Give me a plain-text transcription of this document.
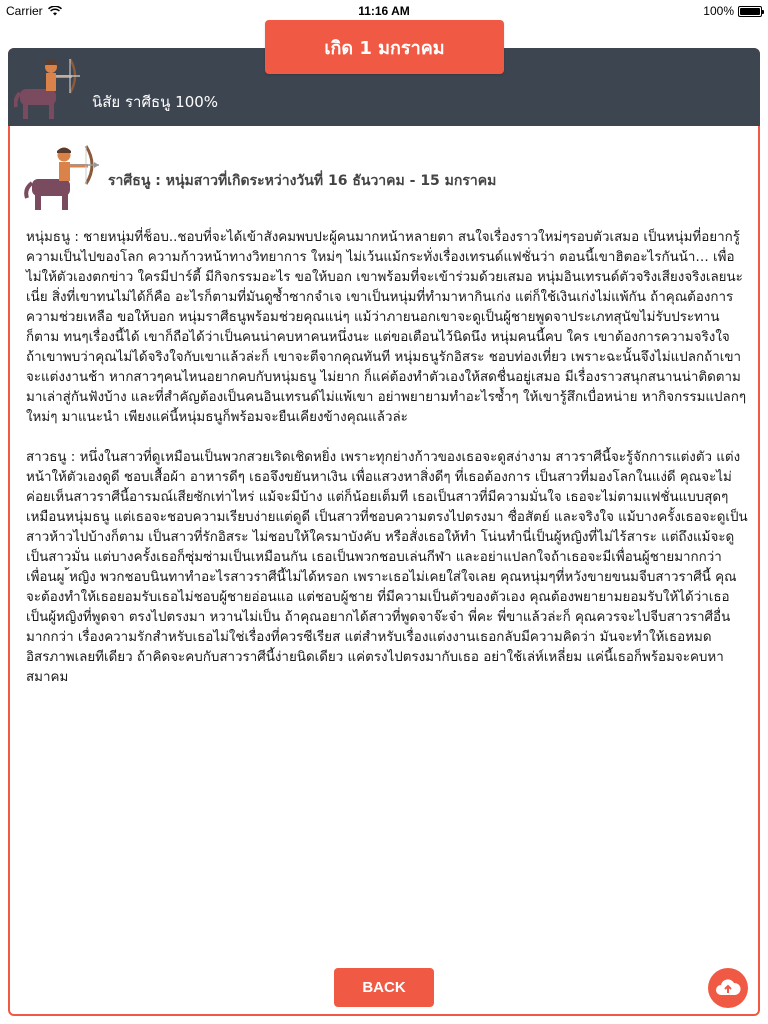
Carrier	11:16 AM	100%
นิสัย ราศีธนู 100%
เกิด 1 มกราคม
ราศีธนู : หนุ่มสาวที่เกิดระหว่างวันที่ 16 ธันวาคม - 15 มกราคม

หนุ่มธนู : ชายหนุ่มที่ช็อบ..ชอบที่จะได้เข้าสังคมพบปะผู้คนมากหน้าหลายตา สนใจเรื่องราวใหม่ๆรอบตัวเสมอ เป็นหนุ่มที่อยากรู้ความเป็นไปของโลก ความก้าวหน้าทางวิทยาการ ใหม่ๆ ไม่เว้นแม้กระทั่งเรื่องเทรนด์แฟชั่นว่า ตอนนี้เขาฮิตอะไรกันน้า… เพื่อไม่ให้ตัวเองตกข่าว ใครมีปาร์ตี้ มีกิจกรรมอะไร ขอให้บอก เขาพร้อมที่จะเข้าร่วมด้วยเสมอ หนุ่มอินเทรนด์ตัวจริงเสียงจริงเลยนะเนี่ย สิ่งที่เขาทนไม่ได้ก็คือ อะไรก็ตามที่มันดูซ้ำซากจำเจ เขาเป็นหนุ่มที่ทำมาหากินเก่ง แต่ก็ใช้เงินเก่งไม่แพ้กัน ถ้าคุณต้องการความช่วยเหลือ ขอให้บอก หนุ่มราศีธนูพร้อมช่วยคุณแน่ๆ แม้ว่าภายนอกเขาจะดูเป็นผู้ชายพูดจาประเภทสุนัขไม่รับประทานก็ตาม ทนๆเรื่องนี้ได้ เขาก็ถือได้ว่าเป็นคนน่าคบหาคนหนึ่งนะ แต่ขอเตือนไว้นิดนึง หนุ่มคนนี้คบ ใคร เขาต้องการความจริงใจ ถ้าเขาพบว่าคุณไม่ได้จริงใจกับเขาแล้วล่ะก็ เขาจะตีจากคุณทันที หนุ่มธนูรักอิสระ ชอบท่องเที่ยว เพราะฉะนั้นจึงไม่แปลกถ้าเขาจะแต่งงานช้า หากสาวๆคนไหนอยากคบกับหนุ่มธนู ไม่ยาก ก็แค่ต้องทำตัวเองให้สดชื่นอยู่เสมอ มีเรื่องราวสนุกสนานน่าติดตาม มาเล่าสู่กันฟังบ้าง และที่สำคัญต้องเป็นคนอินเทรนด์ไม่แพ้เขา อย่าพยายามทำอะไรซ้ำๆ ให้เขารู้สึกเบื่อหน่าย หากิจกรรมแปลกๆ ใหม่ๆ มาแนะนำ เพียงแค่นี้หนุ่มธนูก็พร้อมจะยืนเคียงข้างคุณแล้วล่ะ

สาวธนู : หนึ่งในสาวที่ดูเหมือนเป็นพวกสวยเริดเชิดหยิ่ง เพราะทุกย่างก้าวของเธอจะดูสง่างาม สาวราศีนี้จะรู้จักการแต่งตัว แต่งหน้าให้ตัวเองดูดี ชอบเสื้อผ้า อาหารดีๆ เธอจึงขยันหาเงิน เพื่อแสวงหาสิ่งดีๆ ที่เธอต้องการ เป็นสาวที่มองโลกในแง่ดี คุณจะไม่ค่อยเห็นสาวราศีนี้อารมณ์เสียซักเท่าไหร่ แม้จะมีบ้าง แต่ก็น้อยเต็มที เธอเป็นสาวที่มีความมั่นใจ เธอจะไม่ตามแฟชั่นแบบสุดๆ เหมือนหนุ่มธนู แต่เธอจะชอบความเรียบง่ายแต่ดูดี เป็นสาวที่ชอบความตรงไปตรงมา ซื่อสัตย์ และจริงใจ แม้บางครั้งเธอจะดูเป็นสาวห้าวไปบ้างก็ตาม เป็นสาวที่รักอิสระ ไม่ชอบให้ใครมาบังคับ หรือสั่งเธอให้ทำ โน่นทำนี่เป็นผู้หญิงที่ไม่ไร้สาระ แต่ถึงแม้จะดูเป็นสาวมั่น แต่บางครั้งเธอก็ซุ่มซ่ามเป็นเหมือนกัน เธอเป็นพวกชอบเล่นกีฬา และอย่าแปลกใจถ้าเธอจะมีเพื่อนผู้ชายมากกว่าเพื่อนผู ้หญิง พวกชอบนินทาทำอะไรสาวราศีนี้ไม่ได้หรอก เพราะเธอไม่เคยใส่ใจเลย คุณหนุ่มๆที่หวังขายขนมจีบสาวราศีนี้ คุณจะต้องทำให้เธอยอมรับเธอไม่ชอบผู้ชายอ่อนแอ แต่ชอบผู้ชาย ที่มีความเป็นตัวของตัวเอง คุณต้องพยายามยอมรับให้ได้ว่าเธอเป็นผู้หญิงที่พูดจา ตรงไปตรงมา หวานไม่เป็น ถ้าคุณอยากได้สาวที่พูดจาจ๊ะจ๋า พี่คะ พี่ขาแล้วล่ะก็ คุณควรจะไปจีบสาวราศีอื่นมากกว่า เรื่องความรักสำหรับเธอไม่ใช่เรื่องที่ควรซีเรียส แต่สำหรับเรื่องแต่งงานเธอกลับมีความคิดว่า มันจะทำให้เธอหมดอิสรภาพเลยทีเดียว ถ้าคิดจะคบกับสาวราศีนี้ง่ายนิดเดียว แค่ตรงไปตรงมากับเธอ อย่าใช้เล่ห์เหลี่ยม แค่นี้เธอก็พร้อมจะคบหาสมาคม

BACK
